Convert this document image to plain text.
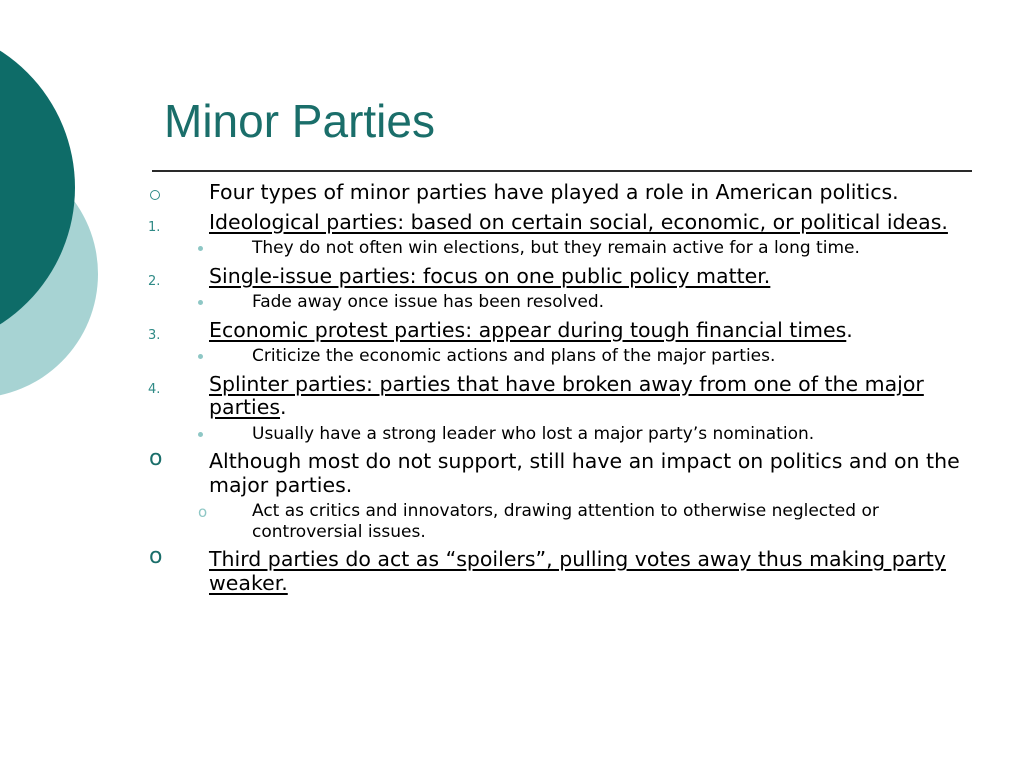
Minor Parties
Four types of minor parties have played a role in American politics.
1. Ideological parties: based on certain social, economic, or political ideas.
They do not often win elections, but they remain active for a long time.
2. Single-issue parties: focus on one public policy matter.
Fade away once issue has been resolved.
3. Economic protest parties: appear during tough financial times.
Criticize the economic actions and plans of the major parties.
4. Splinter parties: parties that have broken away from one of the major parties.
Usually have a strong leader who lost a major party’s nomination.
o Although most do not support, still have an impact on politics and on the major parties.
o	Act as critics and innovators, drawing attention to otherwise neglected or controversial issues.
o Third parties do act as “spoilers”, pulling votes away thus making party weaker.
